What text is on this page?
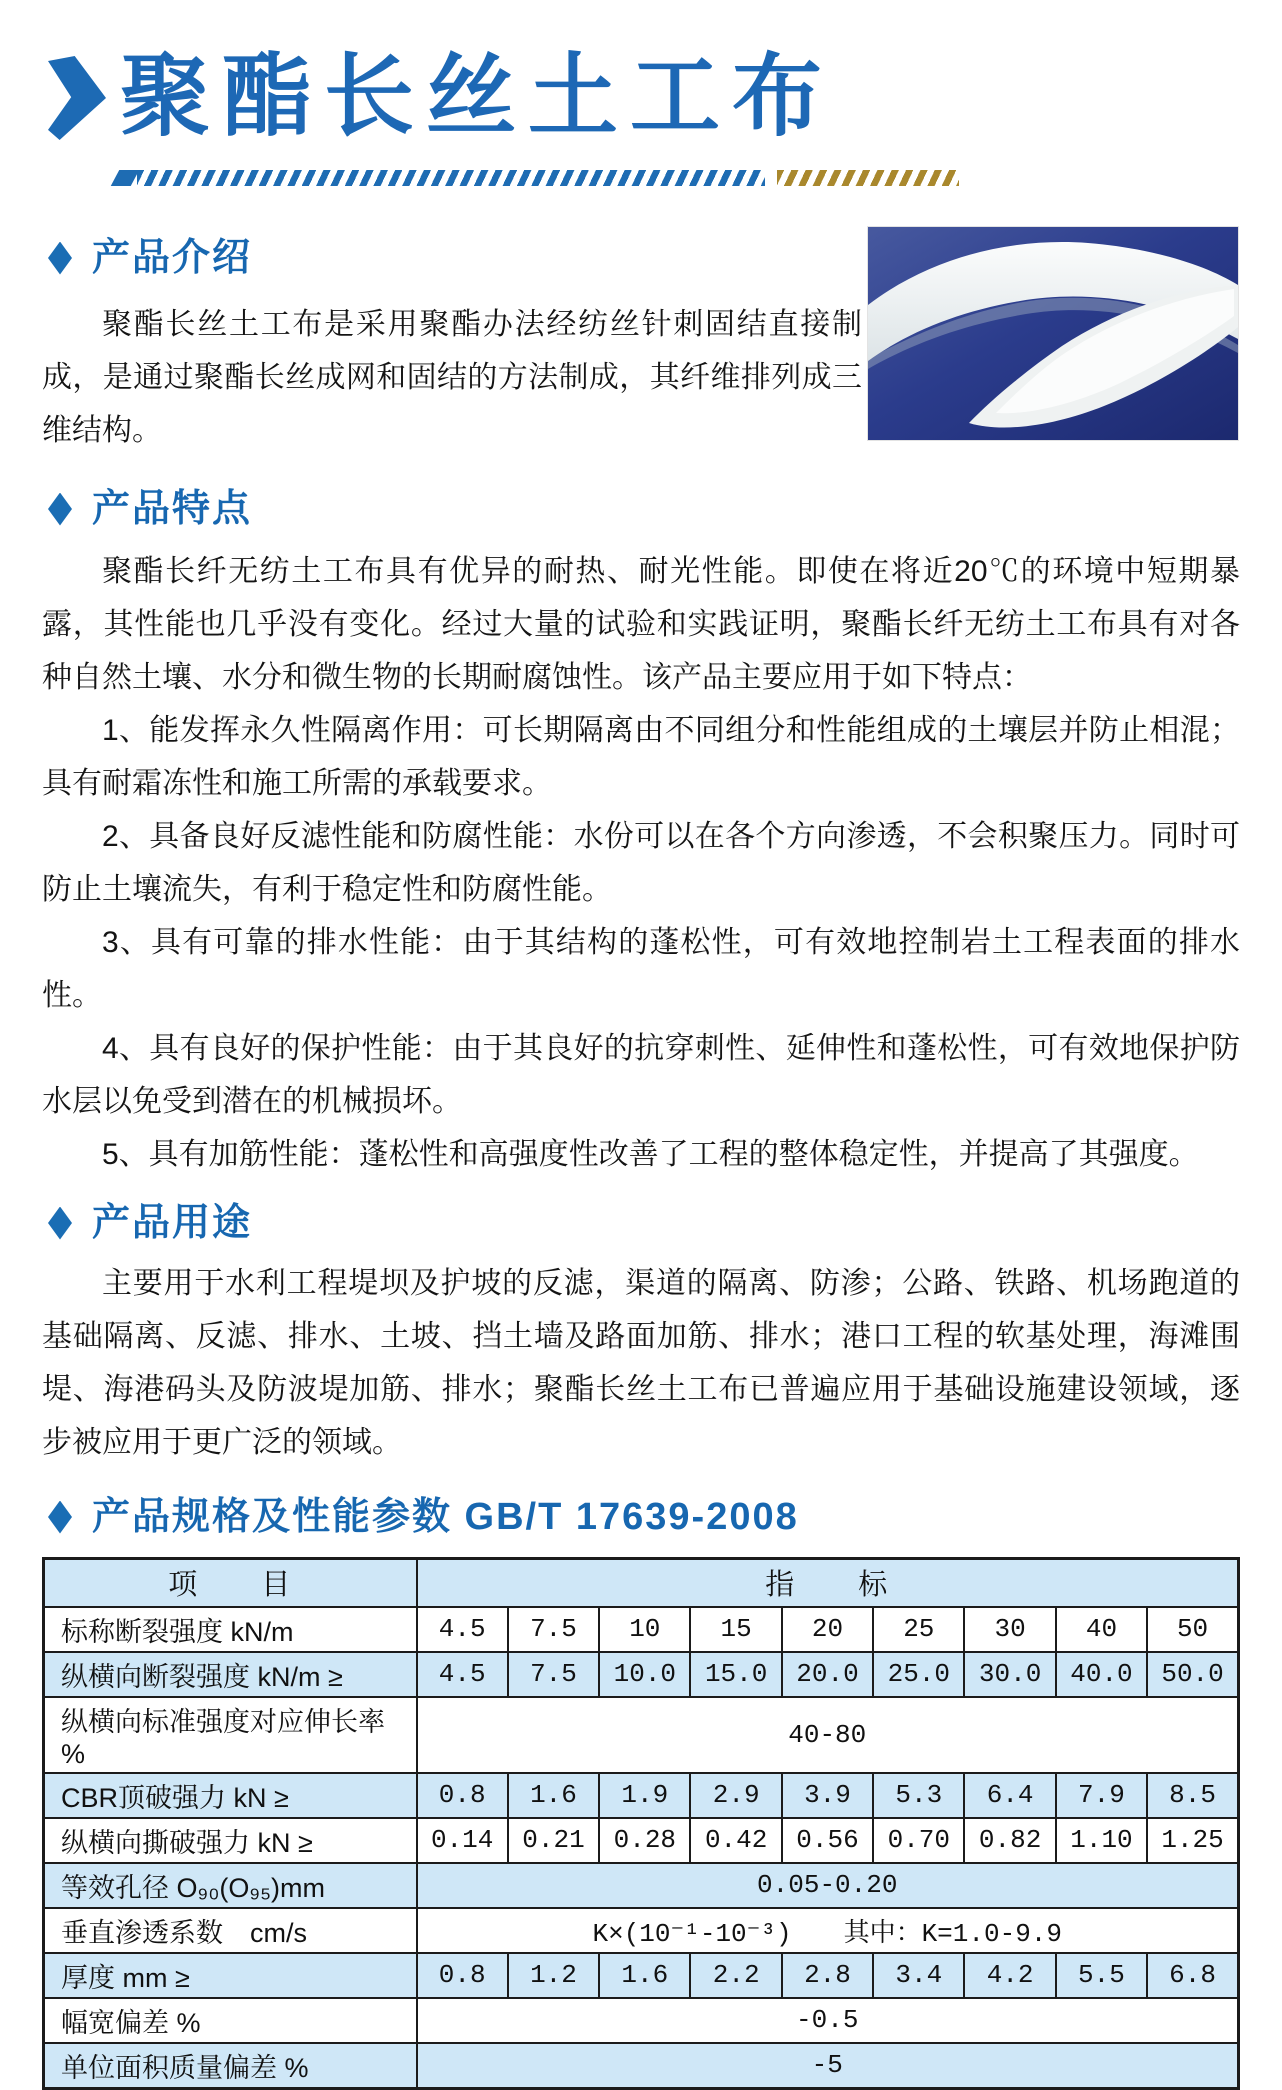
聚酯长丝土工布
产品介绍

聚酯长丝土工布是采用聚酯办法经纺丝针刺固结直接制成，是通过聚酯长丝成网和固结的方法制成，其纤维排列成三维结构。

产品特点

聚酯长纤无纺土工布具有优异的耐热、耐光性能。即使在将近20℃的环境中短期暴露，其性能也几乎没有变化。经过大量的试验和实践证明，聚酯长纤无纺土工布具有对各种自然土壤、水分和微生物的长期耐腐蚀性。该产品主要应用于如下特点：

1、能发挥永久性隔离作用：可长期隔离由不同组分和性能组成的土壤层并防止相混；具有耐霜冻性和施工所需的承载要求。

2、具备良好反滤性能和防腐性能：水份可以在各个方向渗透，不会积聚压力。同时可防止土壤流失，有利于稳定性和防腐性能。

3、具有可靠的排水性能：由于其结构的蓬松性，可有效地控制岩土工程表面的排水性。

4、具有良好的保护性能：由于其良好的抗穿刺性、延伸性和蓬松性，可有效地保护防水层以免受到潜在的机械损坏。

5、具有加筋性能：蓬松性和高强度性改善了工程的整体稳定性，并提高了其强度。

产品用途

主要用于水利工程堤坝及护坡的反滤，渠道的隔离、防渗；公路、铁路、机场跑道的基础隔离、反滤、排水、土坡、挡土墙及路面加筋、排水；港口工程的软基处理，海滩围堤、海港码头及防波堤加筋、排水；聚酯长丝土工布已普遍应用于基础设施建设领域，逐步被应用于更广泛的领域。

产品规格及性能参数 GB/T 17639-2008
项　　目	指　　标								
标称断裂强度 kN/m	4.5	7.5	10	15	20	25	30	40	50
纵横向断裂强度 kN/m ≥	4.5	7.5	10.0	15.0	20.0	25.0	30.0	40.0	50.0
纵横向标准强度对应伸长率 %	40-80								
CBR顶破强力 kN ≥	0.8	1.6	1.9	2.9	3.9	5.3	6.4	7.9	8.5
纵横向撕破强力 kN ≥	0.14	0.21	0.28	0.42	0.56	0.70	0.82	1.10	1.25
等效孔径 O₉₀(O₉₅)mm	0.05-0.20								
垂直渗透系数　cm/s	K×(10⁻¹-10⁻³)　　其中：K=1.0-9.9								
厚度 mm ≥	0.8	1.2	1.6	2.2	2.8	3.4	4.2	5.5	6.8
幅宽偏差 %	-0.5								
单位面积质量偏差 %	-5								
